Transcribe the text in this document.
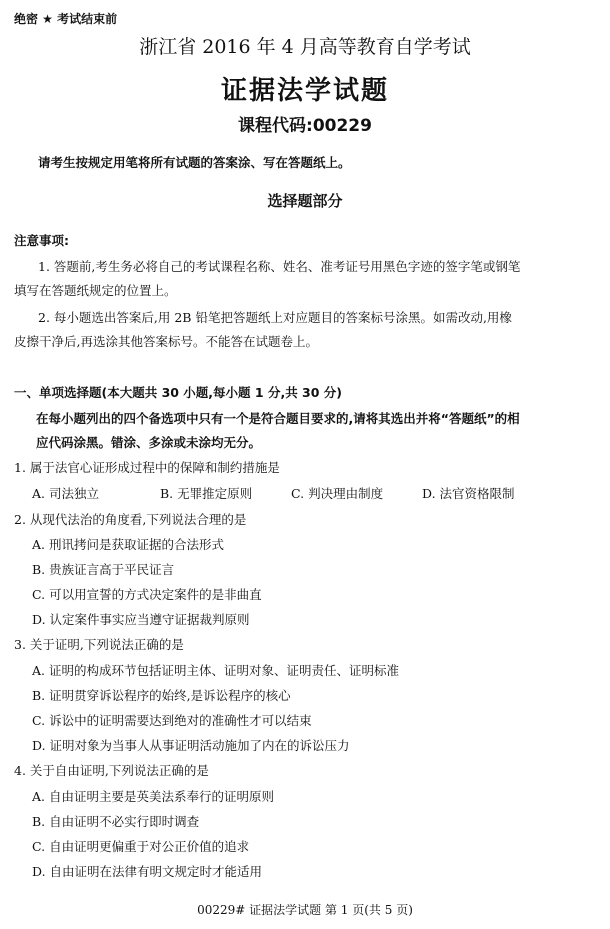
绝密 ★ 考试结束前
浙江省 2016 年 4 月高等教育自学考试
证据法学试题
课程代码:00229
请考生按规定用笔将所有试题的答案涂、写在答题纸上。
选择题部分
注意事项:
1. 答题前,考生务必将自己的考试课程名称、姓名、准考证号用黑色字迹的签字笔或钢笔
填写在答题纸规定的位置上。
2. 每小题选出答案后,用 2B 铅笔把答题纸上对应题目的答案标号涂黑。如需改动,用橡
皮擦干净后,再选涂其他答案标号。不能答在试题卷上。
一、单项选择题(本大题共 30 小题,每小题 1 分,共 30 分)
在每小题列出的四个备选项中只有一个是符合题目要求的,请将其选出并将“答题纸”的相
应代码涂黑。错涂、多涂或未涂均无分。
1. 属于法官心证形成过程中的保障和制约措施是
A. 司法独立	B. 无罪推定原则	C. 判决理由制度	D. 法官资格限制
2. 从现代法治的角度看,下列说法合理的是
A. 刑讯拷问是获取证据的合法形式
B. 贵族证言高于平民证言
C. 可以用宣誓的方式决定案件的是非曲直
D. 认定案件事实应当遵守证据裁判原则
3. 关于证明,下列说法正确的是
A. 证明的构成环节包括证明主体、证明对象、证明责任、证明标准
B. 证明贯穿诉讼程序的始终,是诉讼程序的核心
C. 诉讼中的证明需要达到绝对的准确性才可以结束
D. 证明对象为当事人从事证明活动施加了内在的诉讼压力
4. 关于自由证明,下列说法正确的是
A. 自由证明主要是英美法系奉行的证明原则
B. 自由证明不必实行即时调查
C. 自由证明更偏重于对公正价值的追求
D. 自由证明在法律有明文规定时才能适用
00229# 证据法学试题 第 1 页(共 5 页)
